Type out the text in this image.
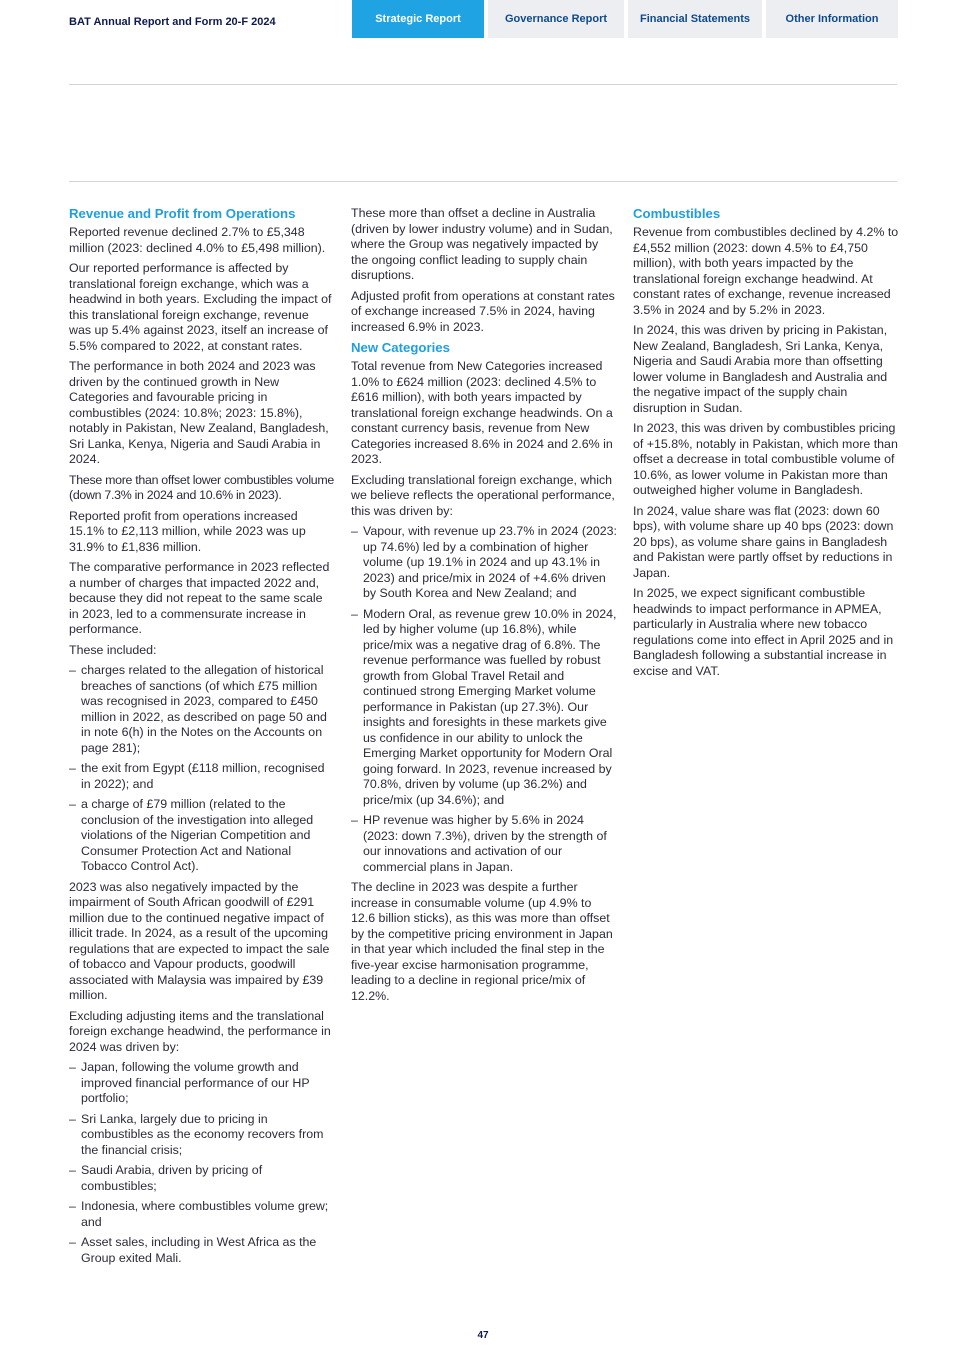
BAT Annual Report and Form 20-F 2024	Strategic Report	Governance Report	Financial Statements	Other Information
Revenue and Profit from Operations

Reported revenue declined 2.7% to £5,348 million (2023: declined 4.0% to £5,498 million).

Our reported performance is affected by translational foreign exchange, which was a headwind in both years. Excluding the impact of this translational foreign exchange, revenue was up 5.4% against 2023, itself an increase of 5.5% compared to 2022, at constant rates.

The performance in both 2024 and 2023 was driven by the continued growth in New Categories and favourable pricing in combustibles (2024: 10.8%; 2023: 15.8%), notably in Pakistan, New Zealand, Bangladesh, Sri Lanka, Kenya, Nigeria and Saudi Arabia in 2024.

These more than offset lower combustibles volume (down 7.3% in 2024 and 10.6% in 2023).

Reported profit from operations increased 15.1% to £2,113 million, while 2023 was up 31.9% to £1,836 million.

The comparative performance in 2023 reflected a number of charges that impacted 2022 and, because they did not repeat to the same scale in 2023, led to a commensurate increase in performance.

These included:

– charges related to the allegation of historical breaches of sanctions (of which £75 million was recognised in 2023, compared to £450 million in 2022, as described on page 50 and in note 6(h) in the Notes on the Accounts on page 281);
– the exit from Egypt (£118 million, recognised in 2022); and
– a charge of £79 million (related to the conclusion of the investigation into alleged violations of the Nigerian Competition and Consumer Protection Act and National Tobacco Control Act).

2023 was also negatively impacted by the impairment of South African goodwill of £291 million due to the continued negative impact of illicit trade. In 2024, as a result of the upcoming regulations that are expected to impact the sale of tobacco and Vapour products, goodwill associated with Malaysia was impaired by £39 million.

Excluding adjusting items and the translational foreign exchange headwind, the performance in 2024 was driven by:

– Japan, following the volume growth and improved financial performance of our HP portfolio;
– Sri Lanka, largely due to pricing in combustibles as the economy recovers from the financial crisis;
– Saudi Arabia, driven by pricing of combustibles;
– Indonesia, where combustibles volume grew; and
– Asset sales, including in West Africa as the Group exited Mali.

These more than offset a decline in Australia (driven by lower industry volume) and in Sudan, where the Group was negatively impacted by the ongoing conflict leading to supply chain disruptions.

Adjusted profit from operations at constant rates of exchange increased 7.5% in 2024, having increased 6.9% in 2023.

New Categories

Total revenue from New Categories increased 1.0% to £624 million (2023: declined 4.5% to £616 million), with both years impacted by translational foreign exchange headwinds. On a constant currency basis, revenue from New Categories increased 8.6% in 2024 and 2.6% in 2023.

Excluding translational foreign exchange, which we believe reflects the operational performance, this was driven by:

– Vapour, with revenue up 23.7% in 2024 (2023: up 74.6%) led by a combination of higher volume (up 19.1% in 2024 and up 43.1% in 2023) and price/mix in 2024 of +4.6% driven by South Korea and New Zealand; and
– Modern Oral, as revenue grew 10.0% in 2024, led by higher volume (up 16.8%), while price/mix was a negative drag of 6.8%. The revenue performance was fuelled by robust growth from Global Travel Retail and continued strong Emerging Market volume performance in Pakistan (up 27.3%). Our insights and foresights in these markets give us confidence in our ability to unlock the Emerging Market opportunity for Modern Oral going forward. In 2023, revenue increased by 70.8%, driven by volume (up 36.2%) and price/mix (up 34.6%); and
– HP revenue was higher by 5.6% in 2024 (2023: down 7.3%), driven by the strength of our innovations and activation of our commercial plans in Japan.

The decline in 2023 was despite a further increase in consumable volume (up 4.9% to 12.6 billion sticks), as this was more than offset by the competitive pricing environment in Japan in that year which included the final step in the five-year excise harmonisation programme, leading to a decline in regional price/mix of 12.2%.

Combustibles

Revenue from combustibles declined by 4.2% to £4,552 million (2023: down 4.5% to £4,750 million), with both years impacted by the translational foreign exchange headwind. At constant rates of exchange, revenue increased 3.5% in 2024 and by 5.2% in 2023.

In 2024, this was driven by pricing in Pakistan, New Zealand, Bangladesh, Sri Lanka, Kenya, Nigeria and Saudi Arabia more than offsetting lower volume in Bangladesh and Australia and the negative impact of the supply chain disruption in Sudan.

In 2023, this was driven by combustibles pricing of +15.8%, notably in Pakistan, which more than offset a decrease in total combustible volume of 10.6%, as lower volume in Pakistan more than outweighed higher volume in Bangladesh.

In 2024, value share was flat (2023: down 60 bps), with volume share up 40 bps (2023: down 20 bps), as volume share gains in Bangladesh and Pakistan were partly offset by reductions in Japan.

In 2025, we expect significant combustible headwinds to impact performance in APMEA, particularly in Australia where new tobacco regulations come into effect in April 2025 and in Bangladesh following a substantial increase in excise and VAT.

47
